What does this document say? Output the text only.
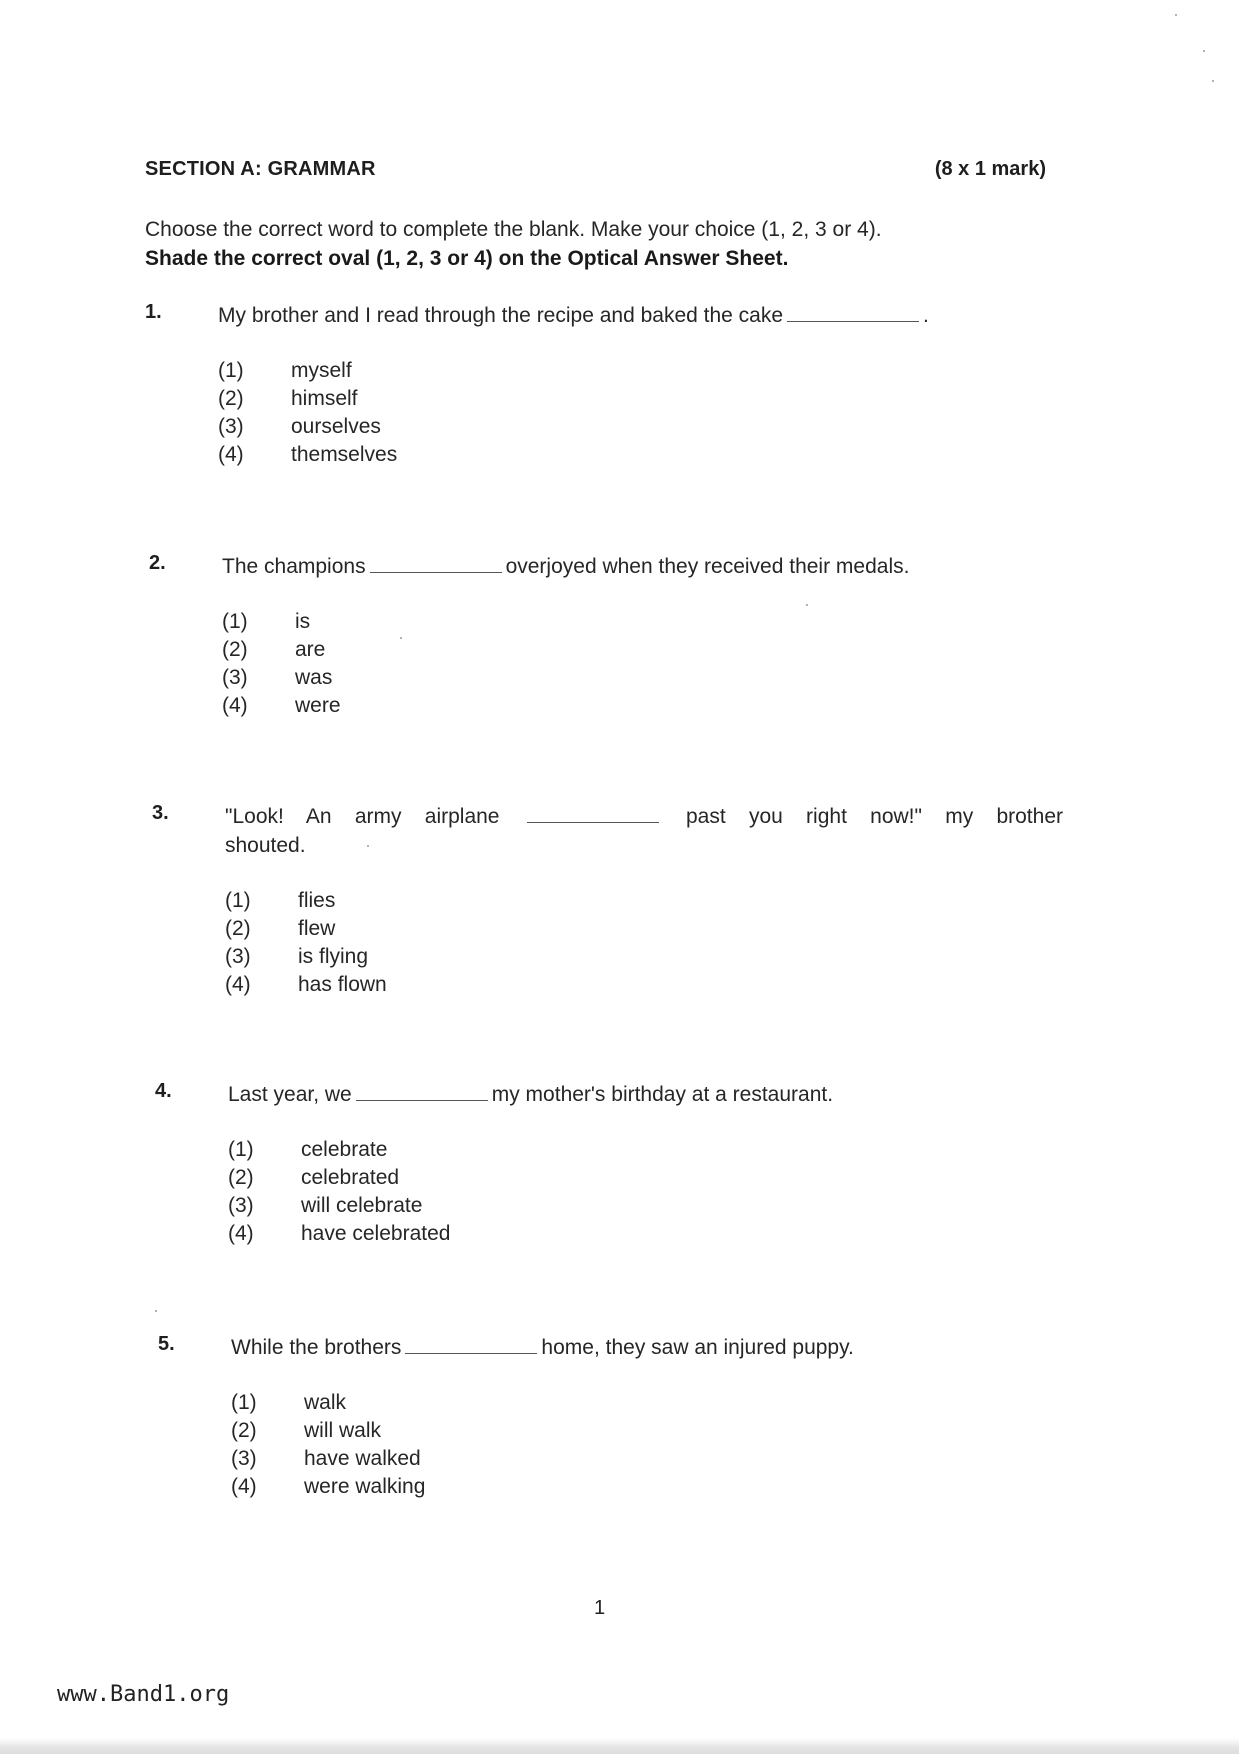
SECTION A: GRAMMAR	(8 x 1 mark)
Choose the correct word to complete the blank. Make your choice (1, 2, 3 or 4).
Shade the correct oval (1, 2, 3 or 4) on the Optical Answer Sheet.
1.	My brother and I read through the recipe and baked the cake	.
(1) myself
(2) himself
(3) ourselves
(4) themselves
2.	The champions	overjoyed when they received their medals.
(1) is
(2) are
(3) was
(4) were
3.	"Look! An army airplane	past you right now!" my brother shouted.
(1) flies
(2) flew
(3) is flying
(4) has flown
4.	Last year, we	my mother's birthday at a restaurant.
(1) celebrate
(2) celebrated
(3) will celebrate
(4) have celebrated
5.	While the brothers	home, they saw an injured puppy.
(1) walk
(2) will walk
(3) have walked
(4) were walking
1
www.Band1.org
